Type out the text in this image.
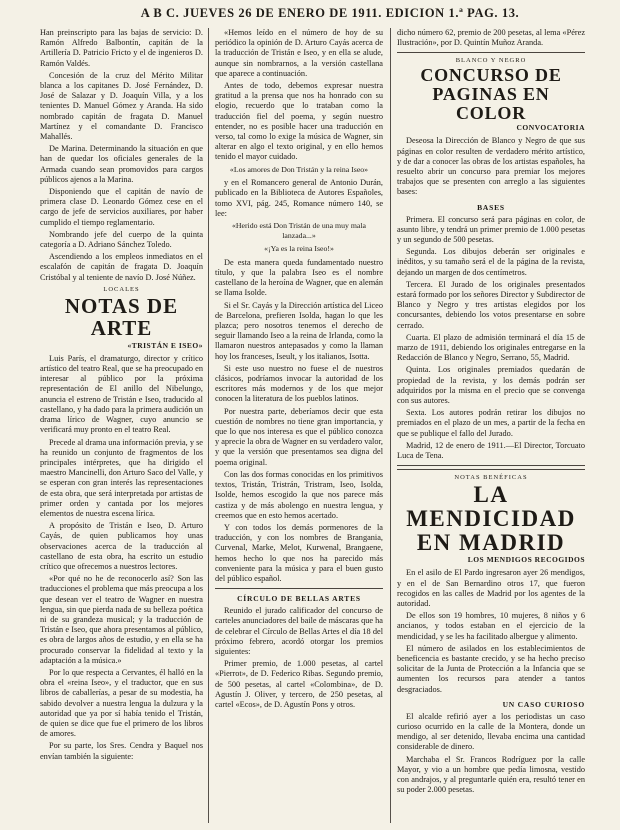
A B C. JUEVES 26 DE ENERO DE 1911. EDICION 1.ª PAG. 13.

Han preinscripto para las bajas de servicio: D. Ramón Alfredo Balbontín, capitán de la Artillería D. Patricio Fricto y el de ingenieros D. Ramón Valdés.

Concesión de la cruz del Mérito Militar blanca a los capitanes D. José Fernández, D. José de Salazar y D. Joaquín Villa, y a los tenientes D. Manuel Gómez y Aranda. Ha sido nombrado capitán de fragata D. Manuel Martínez y el comandante D. Francisco Mahallés.

De Marina. Determinando la situación en que han de quedar los oficiales generales de la Armada cuando sean promovidos para cargos públicos ajenos a la Marina.

Disponiendo que el capitán de navío de primera clase D. Leonardo Gómez cese en el cargo de jefe de servicios auxiliares, por haber cumplido el tiempo reglamentario.

Nombrando jefe del cuerpo de la quinta categoría a D. Adriano Sánchez Toledo.

Ascendiendo a los empleos inmediatos en el escalafón de capitán de fragata D. Joaquín Cristóbal y al teniente de navío D. José Núñez.

LOCALES
NOTAS DE ARTE
«TRISTÁN E ISEO»

Luis París, el dramaturgo, director y crítico artístico del teatro Real, que se ha preocupado en interesar al público por la próxima representación de El anillo del Nibelungo, anuncia el estreno de Tristán e Iseo, traducido al castellano, y ha dado para la primera audición un drama lírico de Wagner, cuyo anuncio se verificará muy pronto en el teatro Real.

Precede al drama una información previa, y se ha reunido un conjunto de fragmentos de los principales intérpretes, que ha dirigido el maestro Mancinelli, don Arturo Saco del Valle, y se esperan con gran interés las representaciones de esta obra, que será interpretada por artistas de primer orden y cantada por los mejores elementos de nuestra escena lírica.

A propósito de Tristán e Iseo, D. Arturo Cayás, de quien publicamos hoy unas observaciones acerca de la traducción al castellano de esta obra, ha escrito un estudio crítico que ofrecemos a nuestros lectores.

«Por qué no he de reconocerlo así? Son las traducciones el problema que más preocupa a los que desean ver el teatro de Wagner en nuestra lengua, sin que pierda nada de su belleza poética ni de su grandeza musical; y la traducción de Tristán e Iseo, que ahora presentamos al público, es obra de largos años de estudio, y en ella se ha procurado conservar la fidelidad al texto y la adaptación a la música.»

Por lo que respecta a Cervantes, él halló en la obra el «reina Iseo», y el traductor, que en sus libros de caballerías, a pesar de su modestia, ha sabido devolver a nuestra lengua la dulzura y la autoridad que ya por sí había tenido el Tristán, de quien se dice que fue el primero de los libros de amores.

Por su parte, los Sres. Cendra y Baquel nos envían también la siguiente:

«Hemos leído en el número de hoy de su periódico la opinión de D. Arturo Cayás acerca de la traducción de Tristán e Iseo, y en ella se alude, aunque sin nombrarnos, a la versión castellana que aparece a continuación.

Antes de todo, debemos expresar nuestra gratitud a la prensa que nos ha honrado con su elogio, recuerdo que lo trataban como la traducción fiel del poema, y según nuestro entender, no es posible hacer una traducción en verso, tal como lo exige la música de Wagner, sin alterar en algo el texto original, y en ello hemos tenido el mayor cuidado.

«Los amores de Don Tristán y la reina Iseo»

y en el Romancero general de Antonio Durán, publicado en la Biblioteca de Autores Españoles, tomo XVI, pág. 245, Romance número 140, se lee:

«Herido está Don Tristán de una muy mala lanzada...»

«¡Ya es la reina Iseo!»

De esta manera queda fundamentado nuestro título, y que la palabra Iseo es el nombre castellano de la heroína de Wagner, que en alemán se llama Isolde.

Si el Sr. Cayás y la Dirección artística del Liceo de Barcelona, prefieren Isolda, hagan lo que les plazca; pero nosotros tenemos el derecho de seguir llamando Iseo a la reina de Irlanda, como la llamaron nuestros antepasados y como la llaman hoy los franceses, Iseult, y los italianos, Isotta.

Si este uso nuestro no fuese el de nuestros clásicos, podríamos invocar la autoridad de los escritores más modernos y de los que mejor conocen la literatura de los pueblos latinos.

Por nuestra parte, deberíamos decir que esta cuestión de nombres no tiene gran importancia, y que lo que nos interesa es que el público conozca y aprecie la obra de Wagner en su verdadero valor, y que la versión que presentamos sea digna del poema original.

Con las dos formas conocidas en los primitivos textos, Tristán, Tristrán, Tristram, Iseo, Isolda, Isolde, hemos escogido la que nos parece más castiza y de más abolengo en nuestra lengua, y creemos que en esto hemos acertado.

Y con todos los demás pormenores de la traducción, y con los nombres de Brangania, Curvenal, Marke, Melot, Kurwenal, Brangaene, hemos hecho lo que nos ha parecido más conveniente para la música y para el buen gusto del público español.

CÍRCULO DE BELLAS ARTES

Reunido el jurado calificador del concurso de carteles anunciadores del baile de máscaras que ha de celebrar el Círculo de Bellas Artes el día 18 del próximo febrero, acordó otorgar los premios siguientes:

Primer premio, de 1.000 pesetas, al cartel «Pierrot», de D. Federico Ribas. Segundo premio, de 500 pesetas, al cartel «Colombina», de D. Agustín J. Oliver, y tercero, de 250 pesetas, al cartel «Ecos», de D. Agustín Pons y otros.

dicho número 62, premio de 200 pesetas, al lema «Pérez Ilustración», por D. Quintín Muñoz Aranda.

BLANCO Y NEGRO
CONCURSO DE PAGINAS EN COLOR
CONVOCATORIA

Deseosa la Dirección de Blanco y Negro de que sus páginas en color resulten de verdadero mérito artístico, y de dar a conocer las obras de los artistas españoles, ha resuelto abrir un concurso para premiar los mejores trabajos que se presenten con arreglo a las siguientes bases:

BASES

Primera. El concurso será para páginas en color, de asunto libre, y tendrá un primer premio de 1.000 pesetas y un segundo de 500 pesetas.

Segunda. Los dibujos deberán ser originales e inéditos, y su tamaño será el de la página de la revista, dejando un margen de dos centímetros.

Tercera. El Jurado de los originales presentados estará formado por los señores Director y Subdirector de Blanco y Negro y tres artistas elegidos por los concursantes, debiendo los votos presentarse en sobre cerrado.

Cuarta. El plazo de admisión terminará el día 15 de marzo de 1911, debiendo los originales entregarse en la Redacción de Blanco y Negro, Serrano, 55, Madrid.

Quinta. Los originales premiados quedarán de propiedad de la revista, y los demás podrán ser adquiridos por la misma en el precio que se convenga con sus autores.

Sexta. Los autores podrán retirar los dibujos no premiados en el plazo de un mes, a partir de la fecha en que se publique el fallo del Jurado.

Madrid, 12 de enero de 1911.—El Director, Torcuato Luca de Tena.

NOTAS BENÉFICAS
LA MENDICIDAD EN MADRID
LOS MENDIGOS RECOGIDOS

En el asilo de El Pardo ingresaron ayer 26 mendigos, y en el de San Bernardino otros 17, que fueron recogidos en las calles de Madrid por los agentes de la autoridad.

De ellos son 19 hombres, 10 mujeres, 8 niños y 6 ancianos, y todos estaban en el ejercicio de la mendicidad, y se les ha facilitado albergue y alimento.

El número de asilados en los establecimientos de beneficencia es bastante crecido, y se ha hecho preciso solicitar de la Junta de Protección a la Infancia que se aumenten los recursos para atender a tantos desgraciados.

UN CASO CURIOSO

El alcalde refirió ayer a los periodistas un caso curioso ocurrido en la calle de la Montera, donde un mendigo, al ser detenido, llevaba encima una cantidad considerable de dinero.

Marchaba el Sr. Francos Rodríguez por la calle Mayor, y vio a un hombre que pedía limosna, vestido con andrajos, y al preguntarle quién era, resultó tener en su poder 2.000 pesetas.
